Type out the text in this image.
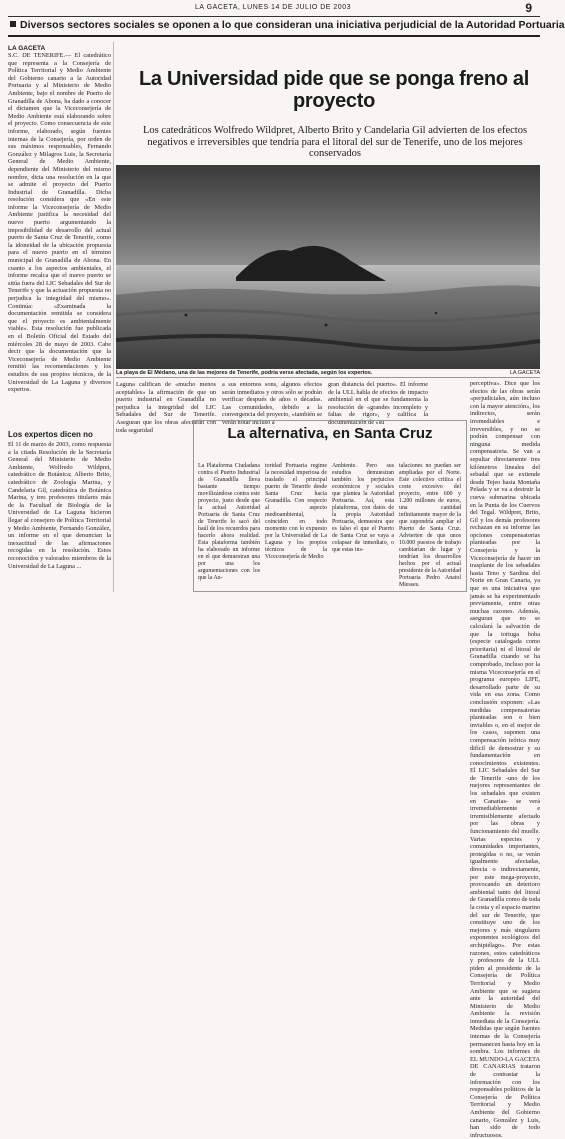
LA GACETA, LUNES 14 DE JULIO DE 2003	9
Diversos sectores sociales se oponen a lo que consideran una iniciativa perjudicial de la Autoridad Portuaria
LA GACETA
S.C. DE TENERIFE.— El catedrático que representa a la Consejería de Política Territorial y Medio Ambiente del Gobierno canario a la Autoridad Portuaria y al Ministerio de Medio Ambiente, bajo el nombre de Puerto de Granadilla de Abona, ha dado a conocer el dictamen que la Viceconsejería de Medio Ambiente está elaborando sobre el proyecto. Como consecuencia de este informe, elaborado, según fuentes internas de la Consejería, por orden de sus máximos responsables, Fernando González y Milagros Luis, la Secretaría General de Medio Ambiente, dependiente del Ministerio del mismo nombre, dicta una resolución en la que se admite el proyecto del Puerto Industrial de Granadilla. Dicha resolución considera que «En este informe la Viceconsejería de Medio Ambiente justifica la necesidad del nuevo puerto argumentando la imposibilidad de desarrollo del actual puerto de Santa Cruz de Tenerife, como la idoneidad de la ubicación propuesta para el nuevo puerto en el término municipal de Granadilla de Abona. En cuanto a los aspectos ambientales, el informe recalca que el nuevo puerto se sitúa fuera del LIC Sebadales del Sur de Tenerife y que la actuación propuesta no perjudica la integridad del mismo». Continúa: «Examinada la documentación remitida se considera que el proyecto es ambientalmente viable». Esta resolución fue publicada en el Boletín Oficial del Estado del miércoles 28 de mayo de 2003. Cabe decir que la documentación que la Viceconsejería de Medio Ambiente remitió las recomendaciones y los estudios de sus propios técnicos, de la Universidad de La Laguna y diversos expertos.
Los expertos dicen no
El 11 de marzo de 2003, como respuesta a la citada Resolución de la Secretaría General del Ministerio de Medio Ambiente, Wolfredo Wildpret, catedrático de Botánica; Alberto Brito, catedrático de Zoología Marina, y Candelaria Gil, catedrática de Botánica Marina, y tres profesores titulares más de la Facultad de Biología de la Universidad de La Laguna hicieron llegar al consejero de Política Territorial y Medio Ambiente, Fernando González, un informe en el que denuncian la inexactitud de las afirmaciones recogidas en la resolución. Estos reconocidos y valorados miembros de la Universidad de La Laguna ...
La Universidad pide que se ponga freno al proyecto
Los catedráticos Wolfredo Wildpret, Alberto Brito y Candelaria Gil advierten de los efectos negativos e irreversibles que tendría para el litoral del sur de Tenerife, uno de los mejores conservados
La playa de El Médano, una de las mejores de Tenerife, podría verse afectada, según los expertos.	LA GACETA
Laguna califican de «mucho menos aceptables» la afirmación de que un puerto industrial en Granadilla no perjudica la integridad del LIC Sebadales del Sur de Tenerife. Aseguran que los obras afectarán con toda seguridad
a sus entornos sons, algunos efectos serán inmediatos y otros sólo se podrán verificar después de años o décadas. Las comunidades, debido a la convergencia del proyecto, «también se verán notar incluso a
gran distancia del puerto». El informe de la ULL habla de efectos de impacto ambiental en el que se fundamenta la resolución de «grandes incompleto y faltas de rigor», y califica la documentación de «su
La alternativa, en Santa Cruz
La Plataforma Ciudadana contra el Puerto Industrial de Granadilla lleva bastante tiempo movilizándose contra este proyecto, justo desde que la actual Autoridad Portuaria de Santa Cruz de Tenerife lo sacó del baúl de los recuerdos para hacerlo ahora realidad. Esta plataforma también ha elaborado un informe en el que demuestran una por una los argumentaciones con los que la Au-
toridad Portuaria regime la necesidad imperiosa de traslado el principal puerto de Tenerife desde Santa Cruz hacia Granadilla. Con respecto al aspecto medioambiental, coinciden en todo momento con lo expuesto por la Universidad de La Laguna y los propios técnicos de la Viceconsejería de Medio
Ambiente. Pero sus estudios demuestran también los perjuicios económicos y sociales que plantea la Autoridad Portuaria. Así, esta plataforma, con datos de la propia Autoridad Portuaria, demuestra que es falso el que el Puerto de Santa Cruz se vaya a colapsar de inmediato, o que estas ins-
talaciones no puedan ser ampliadas por el Norte. Este colectivo critica el coste excesivo del proyecto, entre 600 y 1.200 millones de euros, una cantidad infinitamente mayor de la que supondría ampliar el Puerto de Santa Cruz. Advierten de que unos 10.000 puestos de trabajo cambiarían de lugar y tendrían los desarrollos hechos por el actual presidente de la Autoridad Portuaria Pedro Anatol Miesses.
perceptiva». Dice que los efectos de las obras serán «perjudiciales, aún incluso con la mayor atención», los indirectos, serán irremediables e irreversibles, y no se podrán compensar con ninguna medida compensatoria. Se van a sepultar directamente tres kilómetros lineales del sebadal que se extiende desde Tejeo hasta Montaña Pelada y se va a destruir la cueva submarina ubicada en la Punta de los Cuervos del Tegal. Wildpret, Brito, Gil y los demás profesores rechazan en su informe las opciones compensatorias planteadas por la Consejería y la Viceconsejería de hacer un trasplante de los sebadales hasta Teno y Sardina del Norte en Gran Canaria, ya que es una iniciativa que jamás se ha experimentado previamente, entre otras muchas razones. Además, aseguran que no se calculará la salvación de que la tortuga boba (especie catalogada como prioritaria) ni el litoral de Granadilla cuando se ha comprobado, incluso por la misma Viceconsejería en el programa europeo LIFE, desarrollado parte de su vida en esa zona. Como conclusión exponen: «Las medidas compensatorias planteadas son o bien inviables o, en el mejor de los casos, suponen una compensación teórica muy difícil de demostrar y su fundamentación en conocimientos existentes. El LIC Sebadales del Sur de Tenerife -uno de los mejores representantes de los sebadales que existen en Canarias- se verá irremediablemente e irremisiblemente afectado por las obras y funcionamiento del muelle. Varias especies y comunidades importantes, protegidas o no, se verán igualmente afectadas, directa o indirectamente, por este mega-proyecto, provocando un deterioro ambiental tanto del litoral de Granadilla como de toda la costa y el espacio marino del sur de Tenerife, que constituye uno de los mejores y más singulares exponentes ecológicos del archipiélago». Por estas razones, estos catedráticos y profesores de la ULL piden al presidente de la Consejería de Política Territorial y Medio Ambiente que se sugiera ante la autoridad del Ministerio de Medio Ambiente la revisión inmediata de la Consejería. Medidas que según fuentes internas de la Consejería permanecen hasta hoy en la sombra. Los informes de EL MUNDO-LA GACETA DE CANARIAS trataron de contrastar la información con los responsables políticos de la Consejería de Política Territorial y Medio Ambiente del Gobierno canario, González y Luis, han sido de todo infructuosos.
